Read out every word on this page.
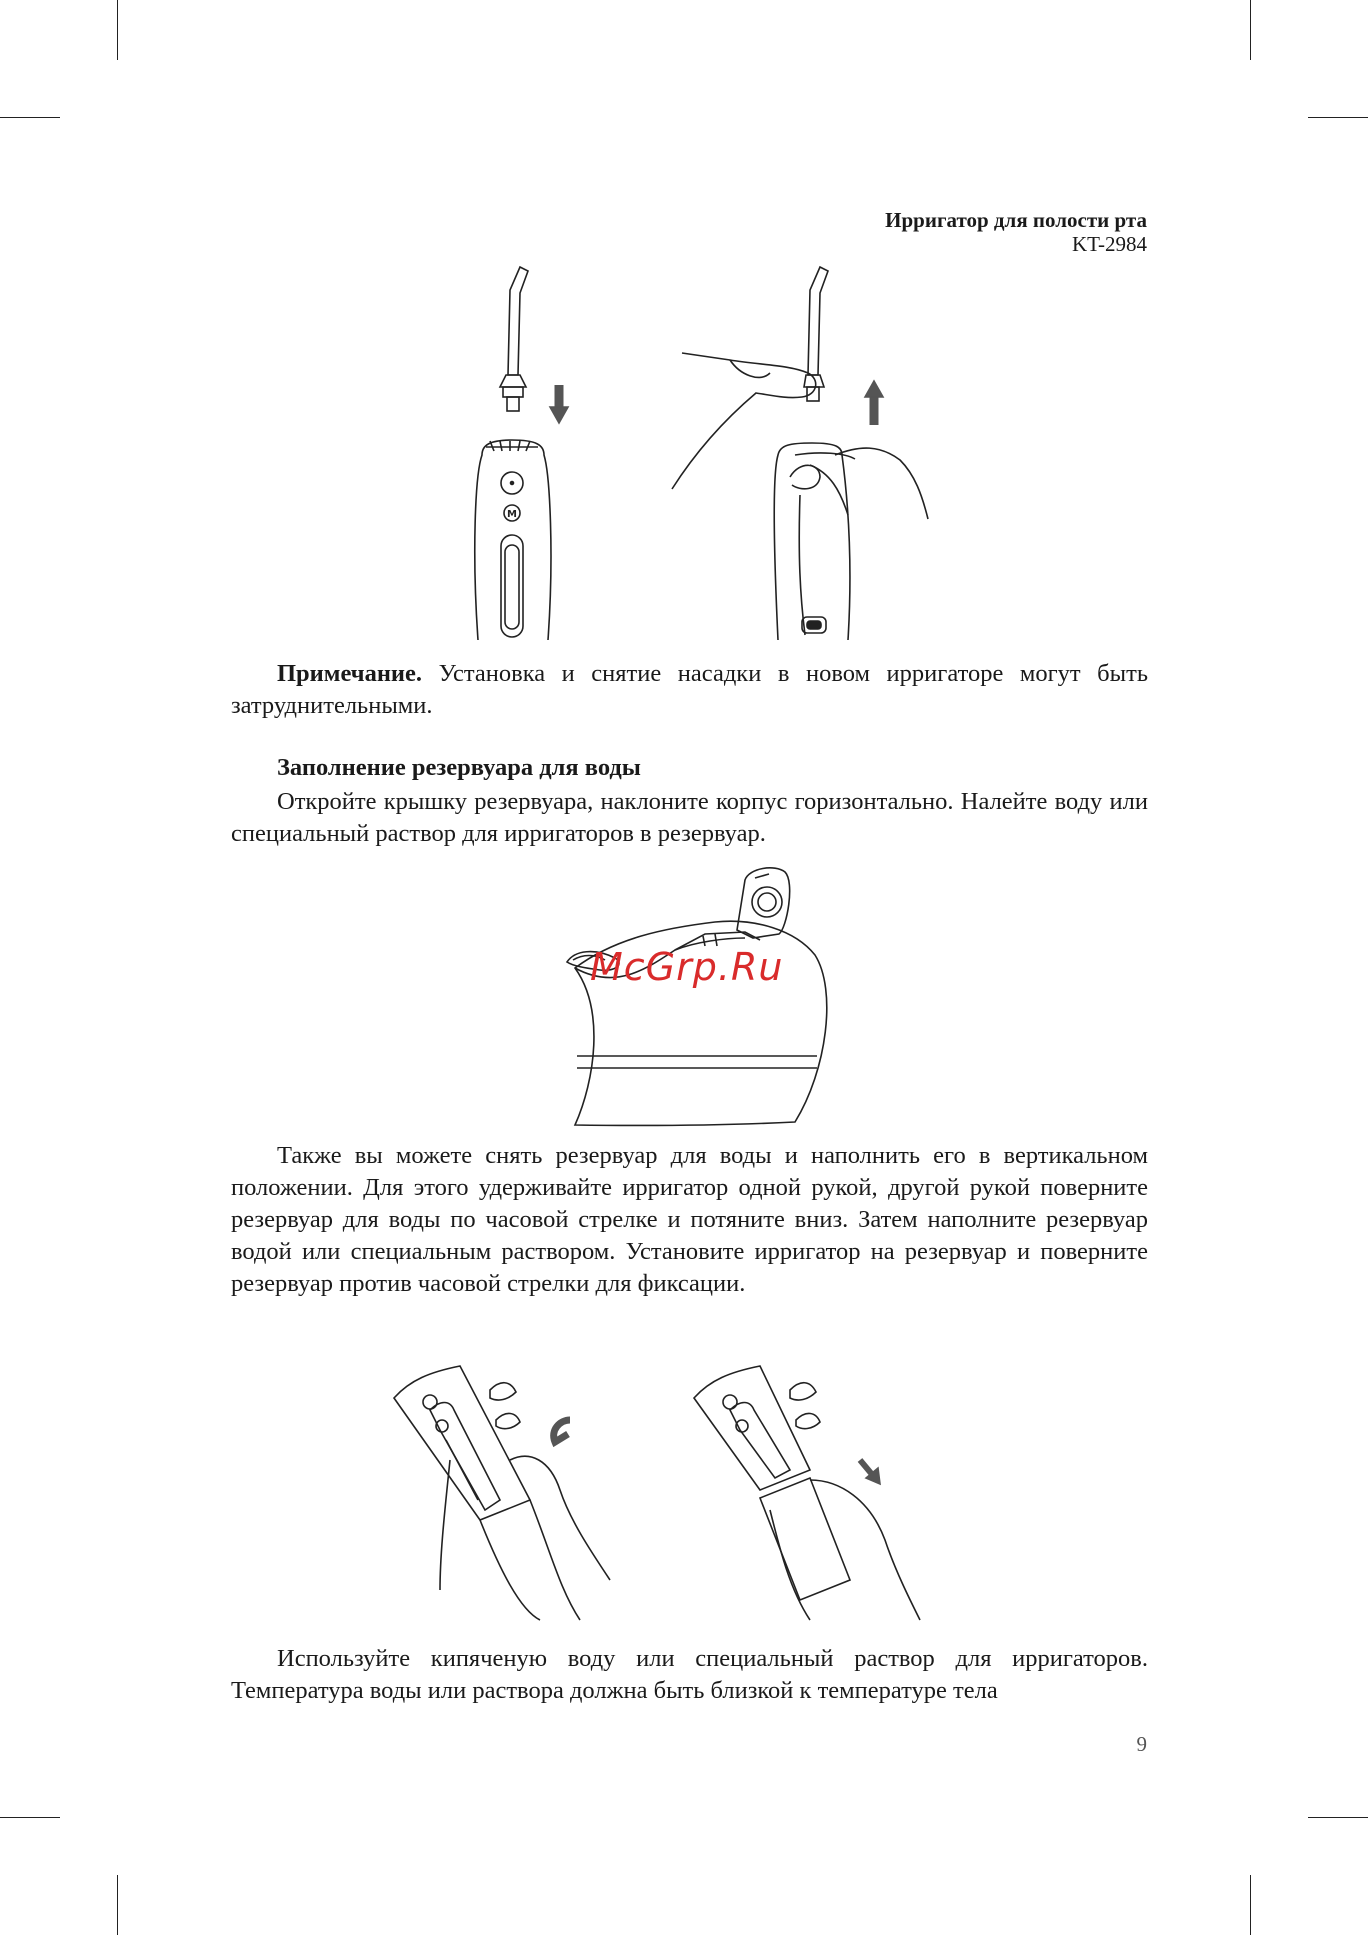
Ирригатор для полости рта
KT-2984
M
Примечание. Установка и снятие насадки в новом ирригаторе могут быть затруднительными.
Заполнение резервуара для воды
Откройте крышку резервуара, наклоните корпус горизонтально. Налейте воду или специальный раствор для ирригаторов в резервуар.
McGrp.Ru
Также вы можете снять резервуар для воды и наполнить его в вертикальном положении. Для этого удерживайте ирригатор одной рукой, другой рукой поверните резервуар для воды по часовой стрелке и потяните вниз. Затем наполните резервуар водой или специальным раствором. Установите ирригатор на резервуар и поверните резервуар против часовой стрелки для фиксации.
Используйте кипяченую воду или специальный раствор для ирригаторов. Температура воды или раствора должна быть близкой к температуре тела
9
